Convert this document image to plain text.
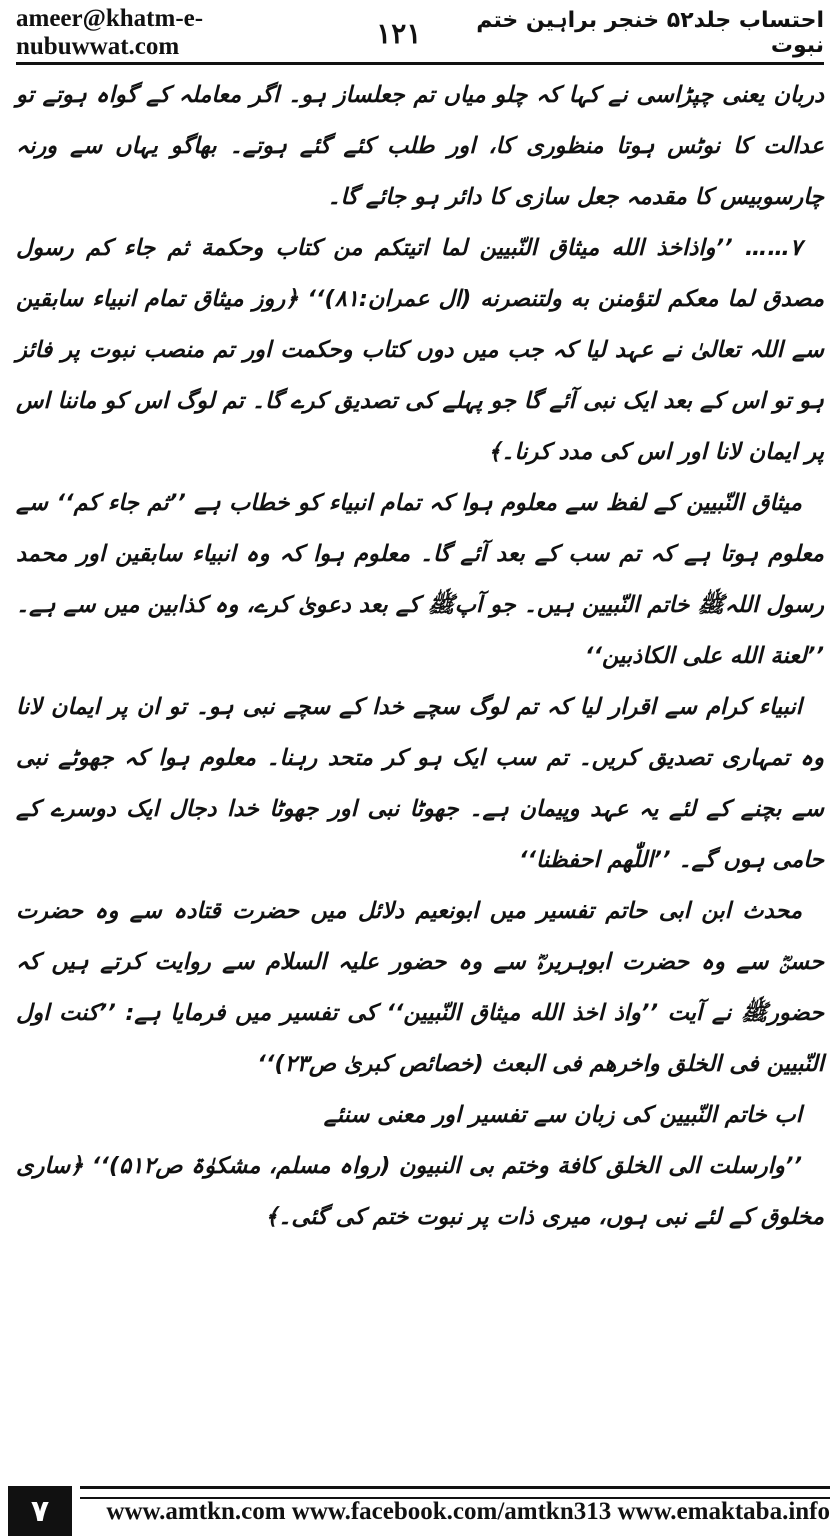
ameer@khatm-e-nubuwwat.com	۱۲۱	احتساب جلد۵۲ خنجر براہین ختم نبوت

دربان یعنی چپڑاسی نے کہا کہ چلو میاں تم جعلساز ہو۔ اگر معاملہ کے گواہ ہوتے تو عدالت کا نوٹس ہوتا منظوری کا، اور طلب کئے گئے ہوتے۔ بھاگو یہاں سے ورنہ چارسوبیس کا مقدمہ جعل سازی کا دائر ہو جائے گا۔

۷…… ’’واذاخذ الله میثاق النّبیین لما اتیتکم من کتاب وحکمة ثم جاء کم رسول مصدق لما معکم لتؤمنن به ولتنصرنه (ال عمران:۸۱)‘‘ ﴿روز میثاق تمام انبیاء سابقین سے اللہ تعالیٰ نے عہد لیا کہ جب میں دوں کتاب وحکمت اور تم منصب نبوت پر فائز ہو تو اس کے بعد ایک نبی آئے گا جو پہلے کی تصدیق کرے گا۔ تم لوگ اس کو ماننا اس پر ایمان لانا اور اس کی مدد کرنا۔﴾

میثاق النّبیین کے لفظ سے معلوم ہوا کہ تمام انبیاء کو خطاب ہے ’’ثم جاء کم‘‘ سے معلوم ہوتا ہے کہ تم سب کے بعد آئے گا۔ معلوم ہوا کہ وہ انبیاء سابقین اور محمد رسول اللہﷺ خاتم النّبیین ہیں۔ جو آپﷺ کے بعد دعویٰ کرے، وہ کذابین میں سے ہے۔ ’’لعنة الله علی الکاذبین‘‘

انبیاء کرام سے اقرار لیا کہ تم لوگ سچے خدا کے سچے نبی ہو۔ تو ان پر ایمان لانا وہ تمہاری تصدیق کریں۔ تم سب ایک ہو کر متحد رہنا۔ معلوم ہوا کہ جھوٹے نبی سے بچنے کے لئے یہ عہد وپیمان ہے۔ جھوٹا نبی اور جھوٹا خدا دجال ایک دوسرے کے حامی ہوں گے۔ ’’اللّٰھم احفظنا‘‘

محدث ابن ابی حاتم تفسیر میں ابونعیم دلائل میں حضرت قتادہ سے وہ حضرت حسنؓ سے وہ حضرت ابوہریرہؓ سے وہ حضور علیہ السلام سے روایت کرتے ہیں کہ حضورﷺ نے آیت ’’واذ اخذ الله میثاق النّبیین‘‘ کی تفسیر میں فرمایا ہے: ’’کنت اول النّبیین فی الخلق واخرهم فی البعث (خصائص کبریٰ ص۲۳)‘‘

اب خاتم النّبیین کی زبان سے تفسیر اور معنی سنئے

’’وارسلت الی الخلق کافة وختم بی النبیون (رواہ مسلم، مشکوٰۃ ص۵۱۲)‘‘ ﴿ساری مخلوق کے لئے نبی ہوں، میری ذات پر نبوت ختم کی گئی۔﴾

۷	www.amtkn.com www.facebook.com/amtkn313 www.emaktaba.info
